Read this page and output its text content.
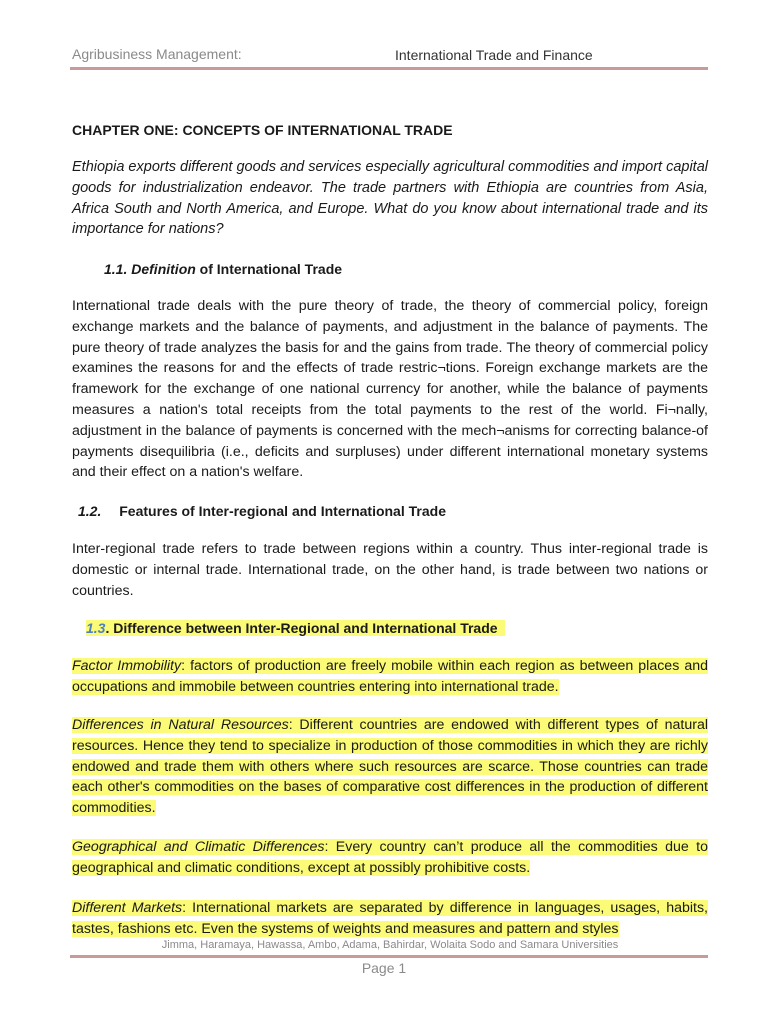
Agribusiness Management:	International Trade and Finance
CHAPTER ONE: CONCEPTS OF INTERNATIONAL TRADE

Ethiopia exports different goods and services especially agricultural commodities and import capital goods for industrialization endeavor. The trade partners with Ethiopia are countries from Asia, Africa South and North America, and Europe. What do you know about international trade and its importance for nations?

1.1. Definition of International Trade

International trade deals with the pure theory of trade, the theory of commercial policy, foreign exchange markets and the balance of payments, and adjustment in the balance of payments. The pure theory of trade analyzes the basis for and the gains from trade. The theory of commercial policy examines the reasons for and the effects of trade restric¬tions. Foreign exchange markets are the framework for the exchange of one national currency for another, while the balance of payments measures a nation's total receipts from the total payments to the rest of the world. Fi¬nally, adjustment in the balance of payments is concerned with the mech¬anisms for correcting balance-of payments disequilibria (i.e., deficits and surpluses) under different international monetary systems and their effect on a nation's welfare.

1.2. Features of Inter-regional and International Trade

Inter-regional trade refers to trade between regions within a country. Thus inter-regional trade is domestic or internal trade. International trade, on the other hand, is trade between two nations or countries.

1.3. Difference between Inter-Regional and International Trade

Factor Immobility: factors of production are freely mobile within each region as between places and occupations and immobile between countries entering into international trade.

Differences in Natural Resources: Different countries are endowed with different types of natural resources. Hence they tend to specialize in production of those commodities in which they are richly endowed and trade them with others where such resources are scarce. Those countries can trade each other's commodities on the bases of comparative cost differences in the production of different commodities.

Geographical and Climatic Differences: Every country can’t produce all the commodities due to geographical and climatic conditions, except at possibly prohibitive costs.

Different Markets: International markets are separated by difference in languages, usages, habits, tastes, fashions etc. Even the systems of weights and measures and pattern and styles

Jimma, Haramaya, Hawassa, Ambo, Adama, Bahirdar, Wolaita Sodo and Samara Universities
Page 1
